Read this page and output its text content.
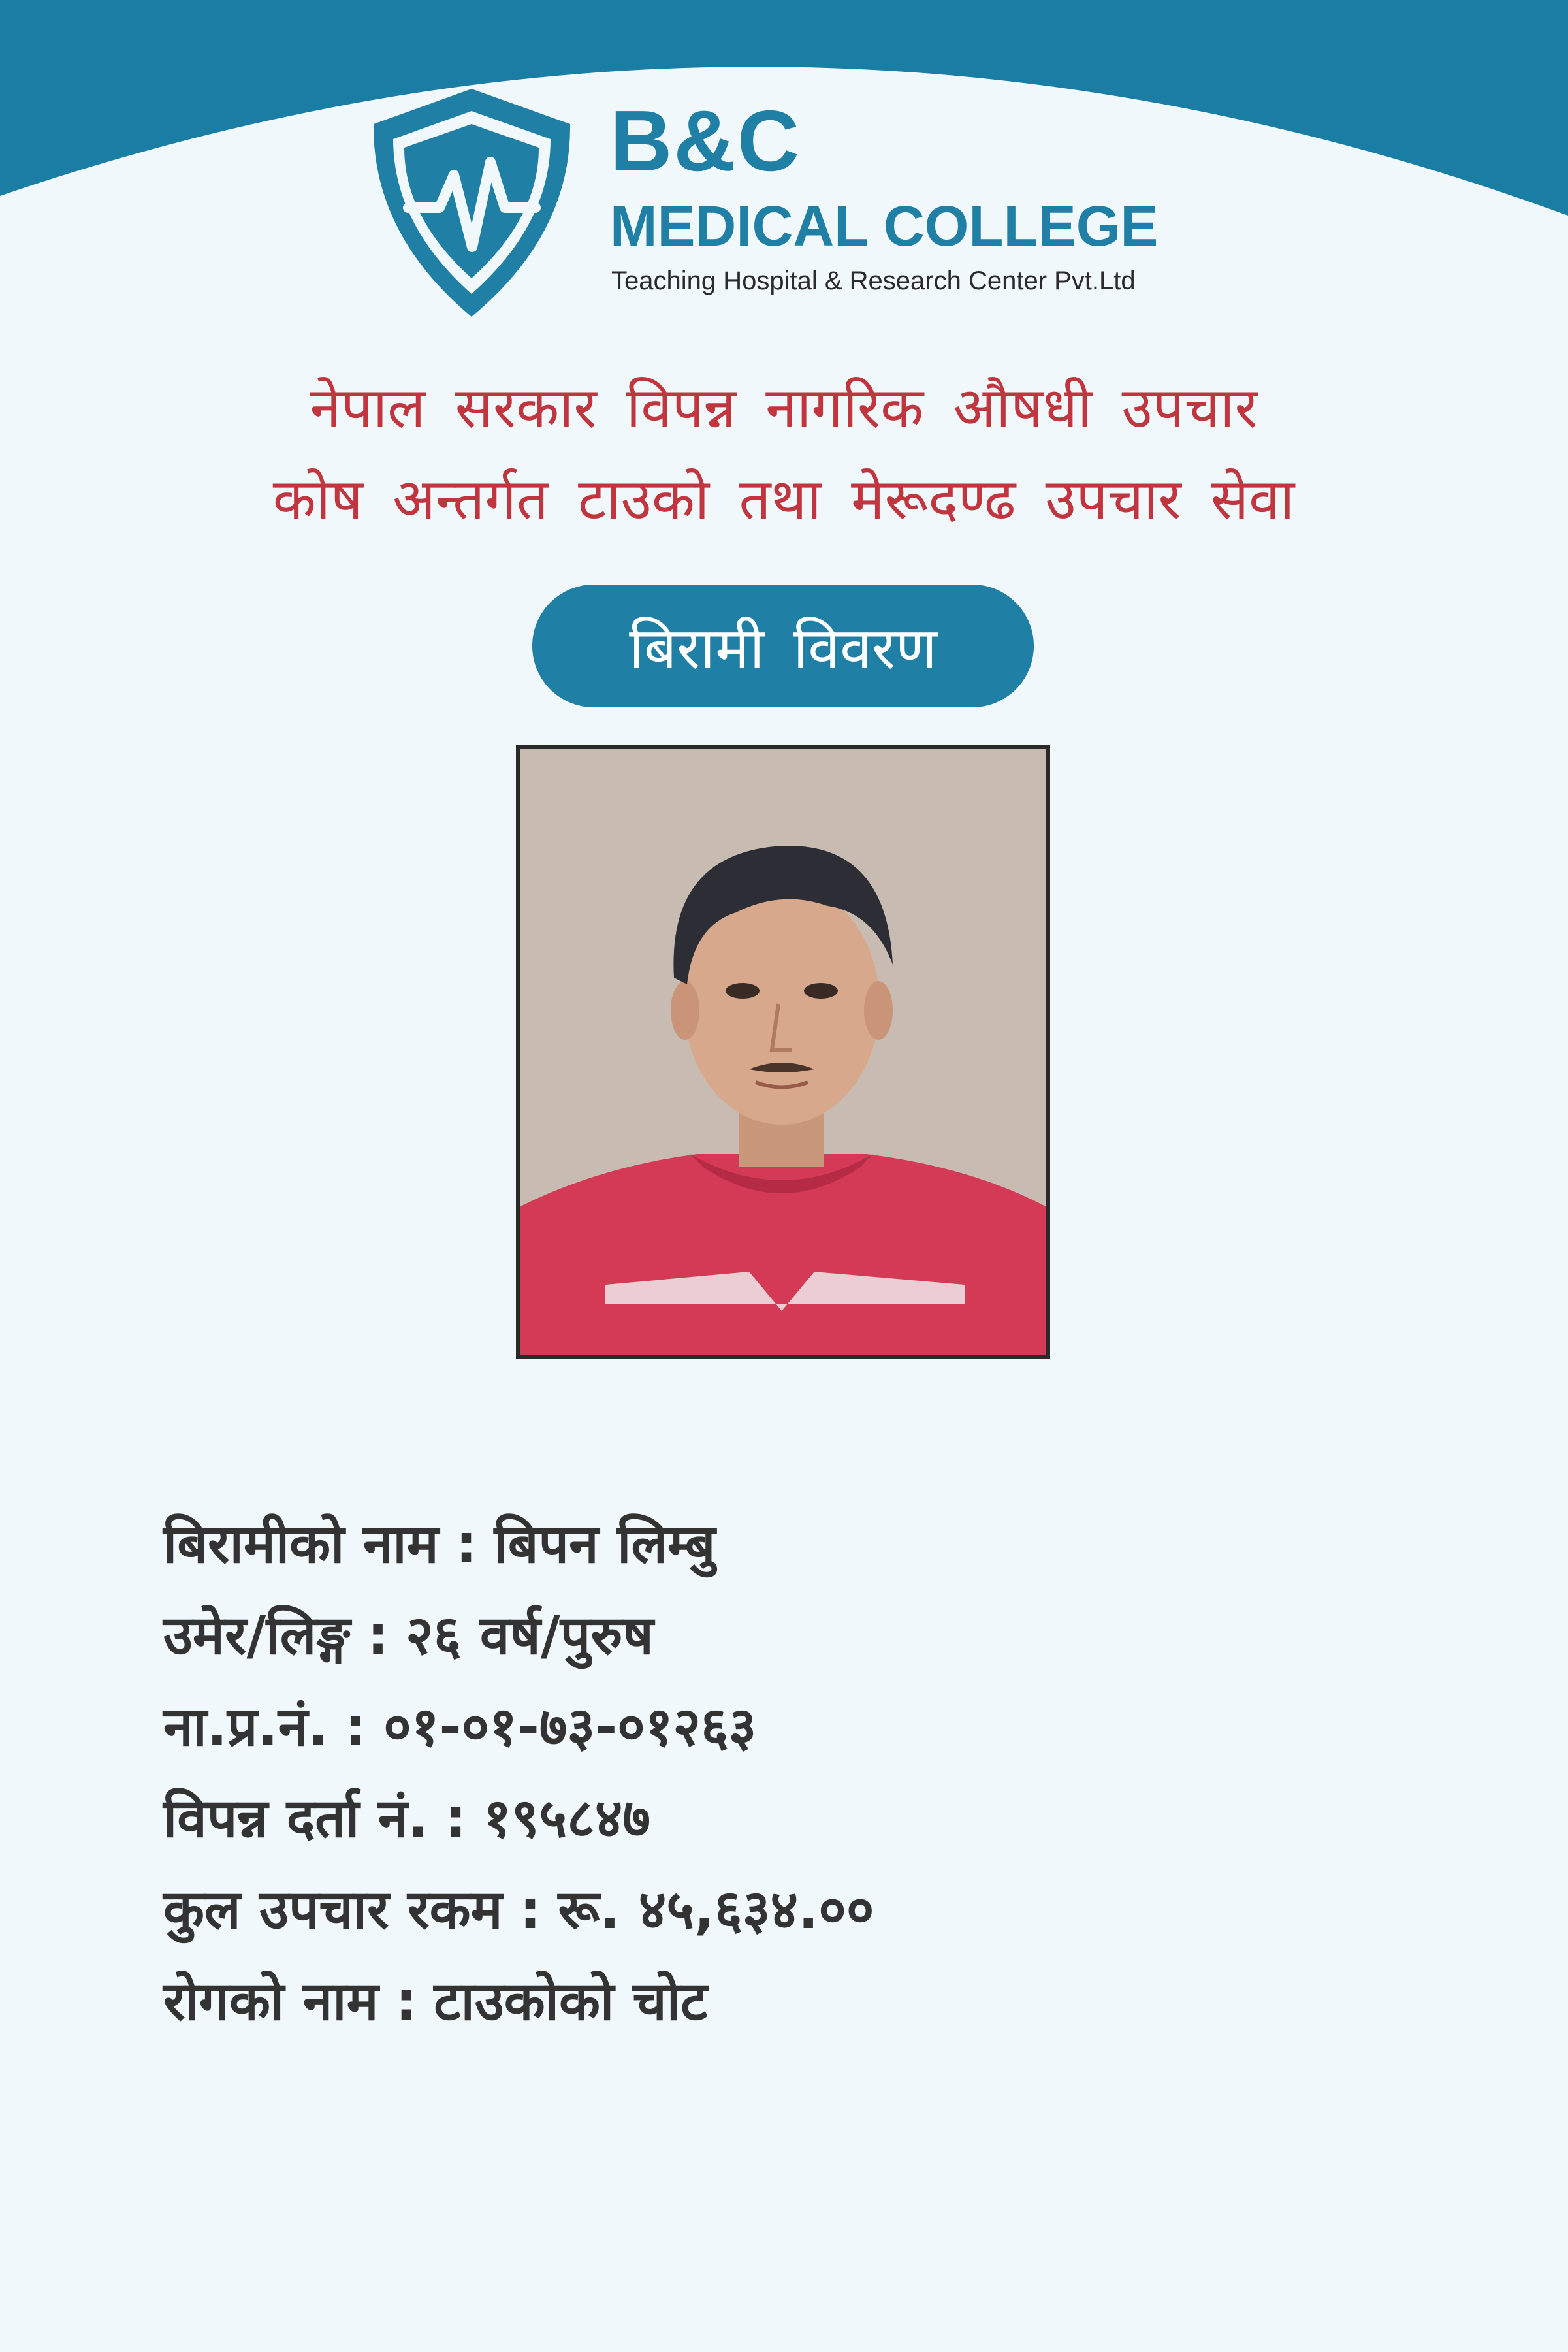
B&C
MEDICAL COLLEGE
Teaching Hospital & Research Center Pvt.Ltd
नेपाल सरकार विपन्न नागरिक औषधी उपचार
कोष अन्तर्गत टाउको तथा मेरूदण्ढ उपचार सेवा
बिरामी विवरण
बिरामीको नाम : बिपन लिम्बु
उमेर/लिङ्ग : २६ वर्ष/पुरुष
ना.प्र.नं. : ०१-०१-७३-०१२६३
विपन्न दर्ता नं. : १९५८४७
कुल उपचार रकम : रू. ४५,६३४.००
रोगको नाम : टाउकोको चोट
